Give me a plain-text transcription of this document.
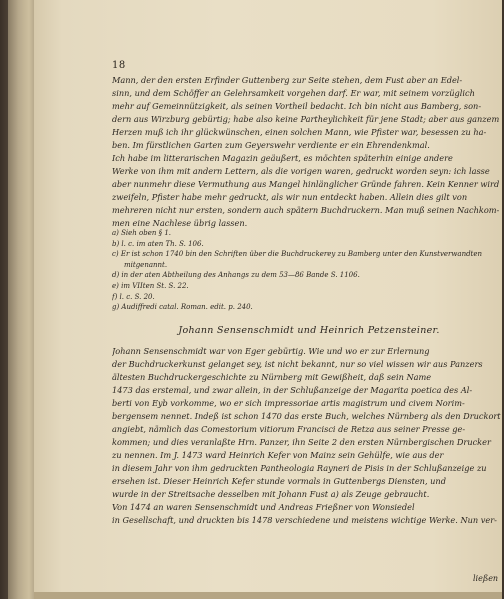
18
Mann, der den ersten Erfinder Guttenberg zur Seite stehen, dem Fust aber an Edel-
sinn, und dem Schöffer an Gelehrsamkeit vorgehen darf. Er war, mit seinem vorzüglich
mehr auf Gemeinnützigkeit, als seinen Vortheil bedacht. Ich bin nicht aus Bamberg, son-
dern aus Wirzburg gebürtig; habe also keine Partheylichkeit für jene Stadt; aber aus ganzem
Herzen muß ich ihr glückwünschen, einen solchen Mann, wie Pfister war, besessen zu ha-
ben. Im fürstlichen Garten zum Geyerswehr verdiente er ein Ehrendenkmal.
Ich habe im litterarischen Magazin geäußert, es möchten späterhin einige andere
Werke von ihm mit andern Lettern, als die vorigen waren, gedruckt worden seyn: ich lasse
aber nunmehr diese Vermuthung aus Mangel hinlänglicher Gründe fahren. Kein Kenner wird
zweifeln, Pfister habe mehr gedruckt, als wir nun entdeckt haben. Allein dies gilt von
mehreren nicht nur ersten, sondern auch spätern Buchdruckern. Man muß seinen Nachkom-
men eine Nachlese übrig lassen.
a) Sieh oben § 1.
b) l. c. im aten Th. S. 106.
c) Er ist schon 1740 bin den Schriften über die Buchdruckerey zu Bamberg unter den Kunstverwandten
mitgenannt.
d) in der aten Abtheilung des Anhangs zu dem 53—86 Bande S. 1106.
e) im VIIten St. S. 22.
f) l. c. S. 20.
g) Audiffredi catal. Roman. edit. p. 240.
Johann Sensenschmidt und Heinrich Petzensteiner.
Johann Sensenschmidt war von Eger gebürtig. Wie und wo er zur Erlernung
der Buchdruckerkunst gelanget sey, ist nicht bekannt, nur so viel wissen wir aus Panzers
ältesten Buchdruckergeschichte zu Nürnberg mit Gewißheit, daß sein Name
1473 das erstemal, und zwar allein, in der Schlußanzeige der Magarita poetica des Al-
berti von Eyb vorkomme, wo er sich impressoriae artis magistrum und civem Norim-
bergensem nennet. Indeß ist schon 1470 das erste Buch, welches Nürnberg als den Druckort
angiebt, nämlich das Comestorium vitiorum Francisci de Retza aus seiner Presse ge-
kommen; und dies veranlaßte Hrn. Panzer, ihn Seite 2 den ersten Nürnbergischen Drucker
zu nennen. Im J. 1473 ward Heinrich Kefer von Mainz sein Gehülfe, wie aus der
in diesem Jahr von ihm gedruckten Pantheologia Rayneri de Pisis in der Schlußanzeige zu
ersehen ist. Dieser Heinrich Kefer stunde vormals in Guttenbergs Diensten, und
wurde in der Streitsache desselben mit Johann Fust a) als Zeuge gebraucht.
Von 1474 an waren Sensenschmidt und Andreas Frießner von Wonsiedel
in Gesellschaft, und druckten bis 1478 verschiedene und meistens wichtige Werke. Nun ver-
ließen
